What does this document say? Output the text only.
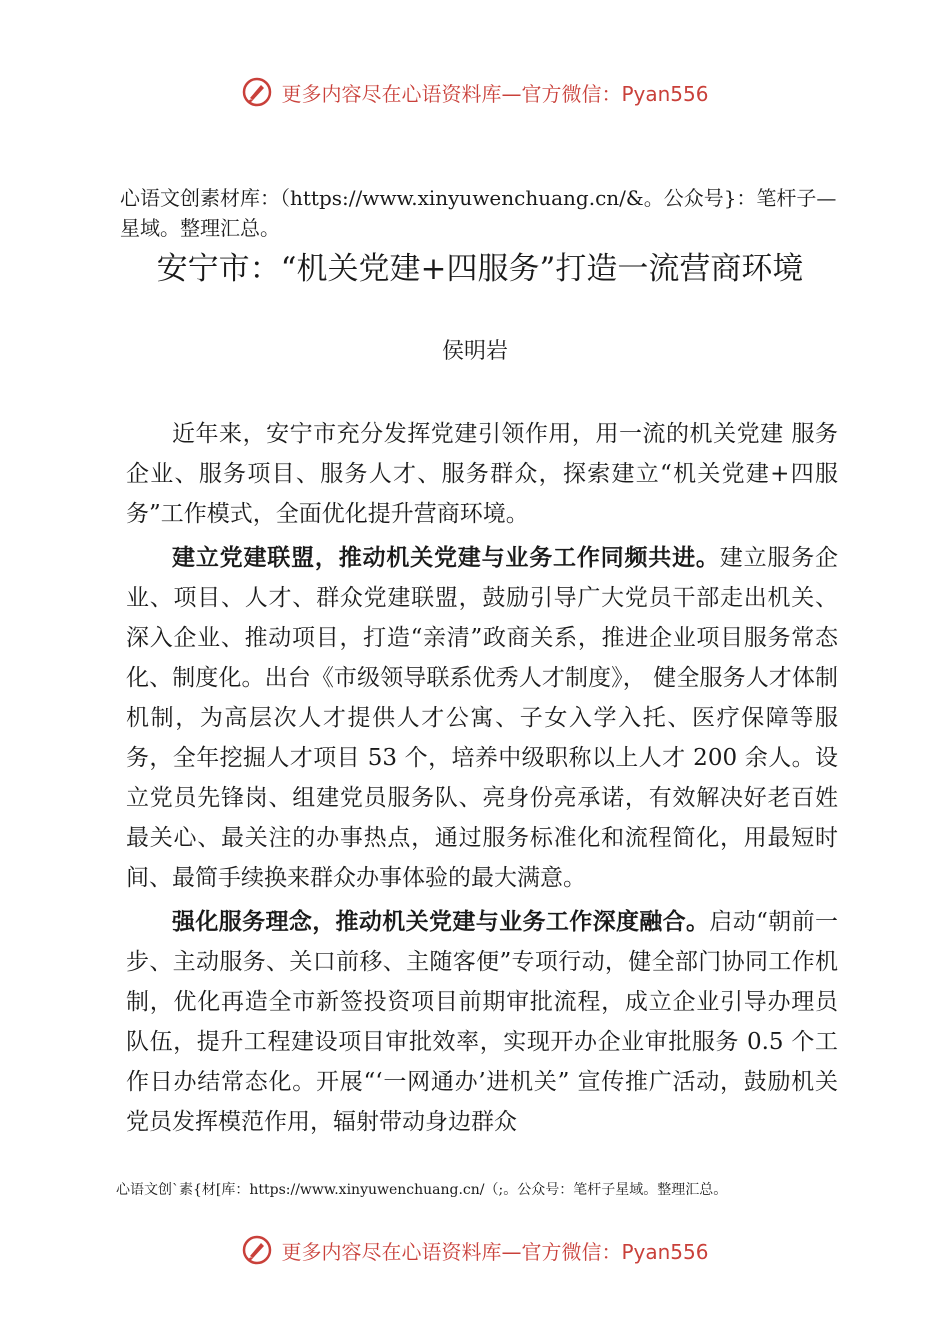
更多内容尽在心语资料库—官方微信：Pyan556
心语文创素材库：（https://www.xinyuwenchuang.cn/&。公众号}：笔杆子—星域。整理汇总。
安宁市：“机关党建+四服务”打造一流营商环境
侯明岩

近年来，安宁市充分发挥党建引领作用，用一流的机关党建 服务企业、服务项目、服务人才、服务群众，探索建立“机关党建+四服务”工作模式，全面优化提升营商环境。

建立党建联盟，推动机关党建与业务工作同频共进。建立服务企业、项目、人才、群众党建联盟，鼓励引导广大党员干部走出机关、深入企业、推动项目，打造“亲清”政商关系，推进企业项目服务常态化、制度化。出台《市级领导联系优秀人才制度》， 健全服务人才体制机制，为高层次人才提供人才公寓、子女入学入托、医疗保障等服务，全年挖掘人才项目 53 个，培养中级职称以上人才 200 余人。设立党员先锋岗、组建党员服务队、亮身份亮承诺，有效解决好老百姓最关心、最关注的办事热点，通过服务标准化和流程简化，用最短时间、最简手续换来群众办事体验的最大满意。

强化服务理念，推动机关党建与业务工作深度融合。启动“朝前一步、主动服务、关口前移、主随客便”专项行动，健全部门协同工作机制，优化再造全市新签投资项目前期审批流程，成立企业引导办理员队伍，提升工程建设项目审批效率，实现开办企业审批服务 0.5 个工作日办结常态化。开展“‘一网通办’进机关” 宣传推广活动，鼓励机关党员发挥模范作用，辐射带动身边群众

心语文创`素{材[库：https://www.xinyuwenchuang.cn/（;。公众号：笔杆子星域。整理汇总。
更多内容尽在心语资料库—官方微信：Pyan556
